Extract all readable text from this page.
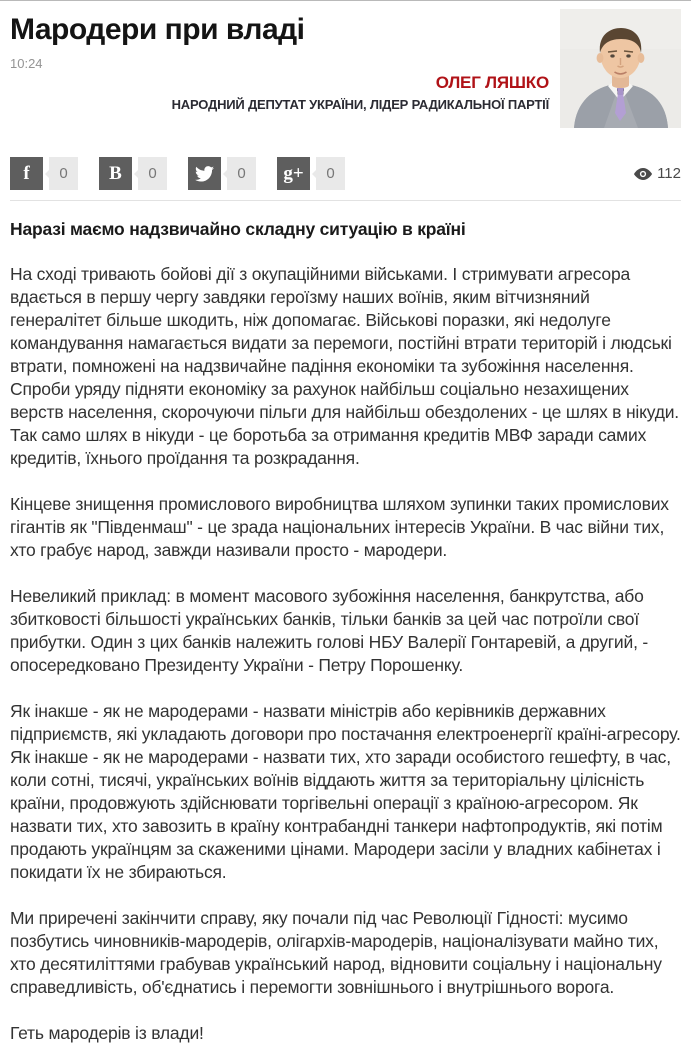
Мародери при владі
10:24
ОЛЕГ ЛЯШКО
НАРОДНИЙ ДЕПУТАТ УКРАЇНИ, ЛІДЕР РАДИКАЛЬНОЇ ПАРТІЇ
f	0	В	0	0	g+	0	112
Наразі маємо надзвичайно складну ситуацію в країні

На сході тривають бойові дії з окупаційними військами. І стримувати агресора вдається в першу чергу завдяки героїзму наших воїнів, яким вітчизняний генералітет більше шкодить, ніж допомагає. Військові поразки, які недолуге командування намагається видати за перемоги, постійні втрати територій і людські втрати, помножені на надзвичайне падіння економіки та зубожіння населення. Спроби уряду підняти економіку за рахунок найбільш соціально незахищених верств населення, скорочуючи пільги для найбільш обездолених - це шлях в нікуди. Так само шлях в нікуди - це боротьба за отримання кредитів МВФ заради самих кредитів, їхнього проїдання та розкрадання.

Кінцеве знищення промислового виробництва шляхом зупинки таких промислових гігантів як "Південмаш" - це зрада національних інтересів України. В час війни тих, хто грабує народ, завжди називали просто - мародери.

Невеликий приклад: в момент масового зубожіння населення, банкрутства, або збитковості більшості українських банків, тільки банків за цей час потроїли свої прибутки. Один з цих банків належить голові НБУ Валерії Гонтаревій, а другий, - опосередковано Президенту України - Петру Порошенку.

Як інакше - як не мародерами - назвати міністрів або керівників державних підприємств, які укладають договори про постачання електроенергії країні-агресору. Як інакше - як не мародерами - назвати тих, хто заради особистого гешефту, в час, коли сотні, тисячі, українських воїнів віддають життя за територіальну цілісність країни, продовжують здійснювати торгівельні операції з країною-агресором. Як назвати тих, хто завозить в країну контрабандні танкери нафтопродуктів, які потім продають українцям за скаженими цінами. Мародери засіли у владних кабінетах і покидати їх не збираються.

Ми приречені закінчити справу, яку почали під час Революції Гідності: мусимо позбутись чиновників-мародерів, олігархів-мародерів, націоналізувати майно тих, хто десятиліттями грабував український народ, відновити соціальну і національну справедливість, об'єднатись і перемогти зовнішнього і внутрішнього ворога.

Геть мародерів із влади!
